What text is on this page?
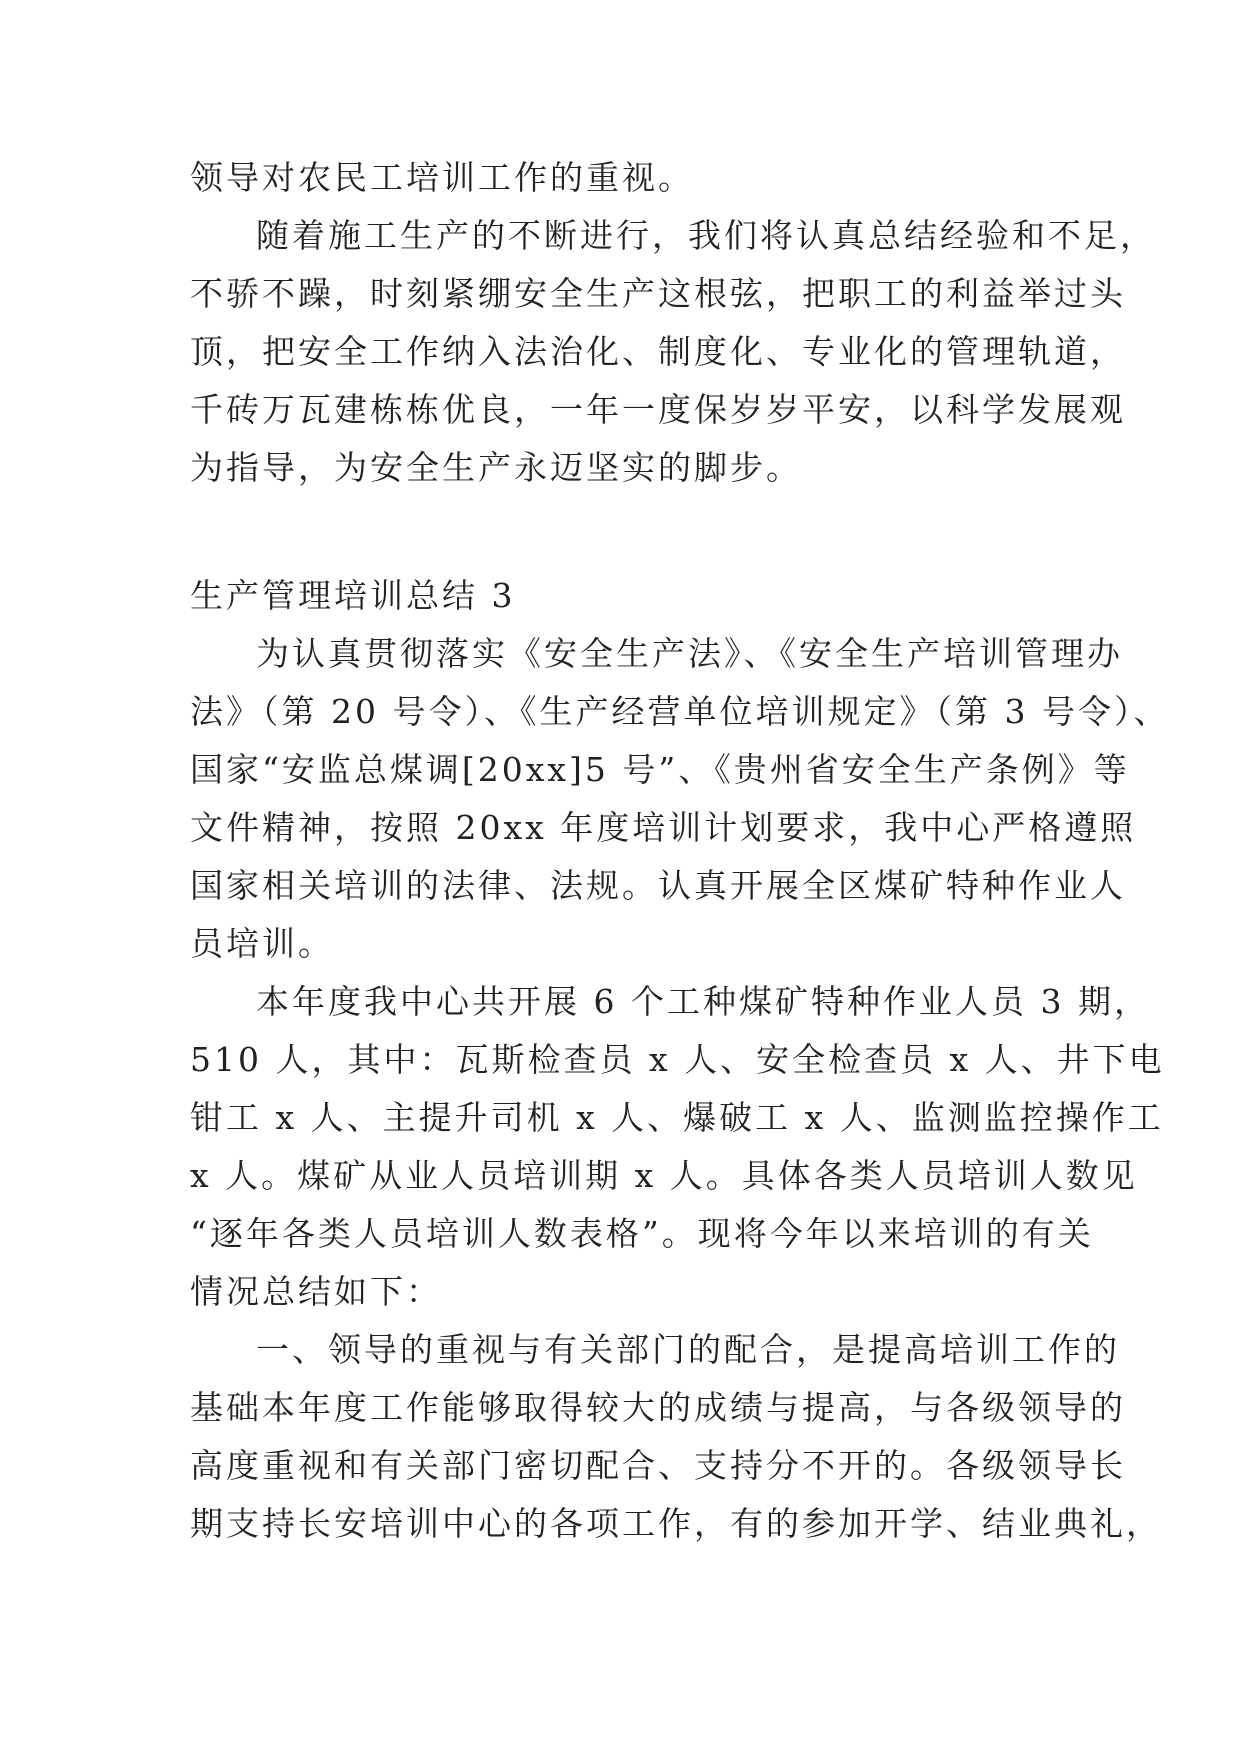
领导对农民工培训工作的重视。
随着施工生产的不断进行，我们将认真总结经验和不足，
不骄不躁，时刻紧绷安全生产这根弦，把职工的利益举过头
顶，把安全工作纳入法治化、制度化、专业化的管理轨道，
千砖万瓦建栋栋优良，一年一度保岁岁平安，以科学发展观
为指导，为安全生产永迈坚实的脚步。
生产管理培训总结 3
为认真贯彻落实《安全生产法》、《安全生产培训管理办
法》（第 20 号令）、《生产经营单位培训规定》（第 3 号令）、
国家“安监总煤调[20xx]5 号”、《贵州省安全生产条例》等
文件精神，按照 20xx 年度培训计划要求，我中心严格遵照
国家相关培训的法律、法规。认真开展全区煤矿特种作业人
员培训。
本年度我中心共开展 6 个工种煤矿特种作业人员 3 期，
510 人，其中：瓦斯检查员 x 人、安全检查员 x 人、井下电
钳工 x 人、主提升司机 x 人、爆破工 x 人、监测监控操作工
x 人。煤矿从业人员培训期 x 人。具体各类人员培训人数见
“逐年各类人员培训人数表格”。现将今年以来培训的有关
情况总结如下：
一、领导的重视与有关部门的配合，是提高培训工作的
基础本年度工作能够取得较大的成绩与提高，与各级领导的
高度重视和有关部门密切配合、支持分不开的。各级领导长
期支持长安培训中心的各项工作，有的参加开学、结业典礼，
